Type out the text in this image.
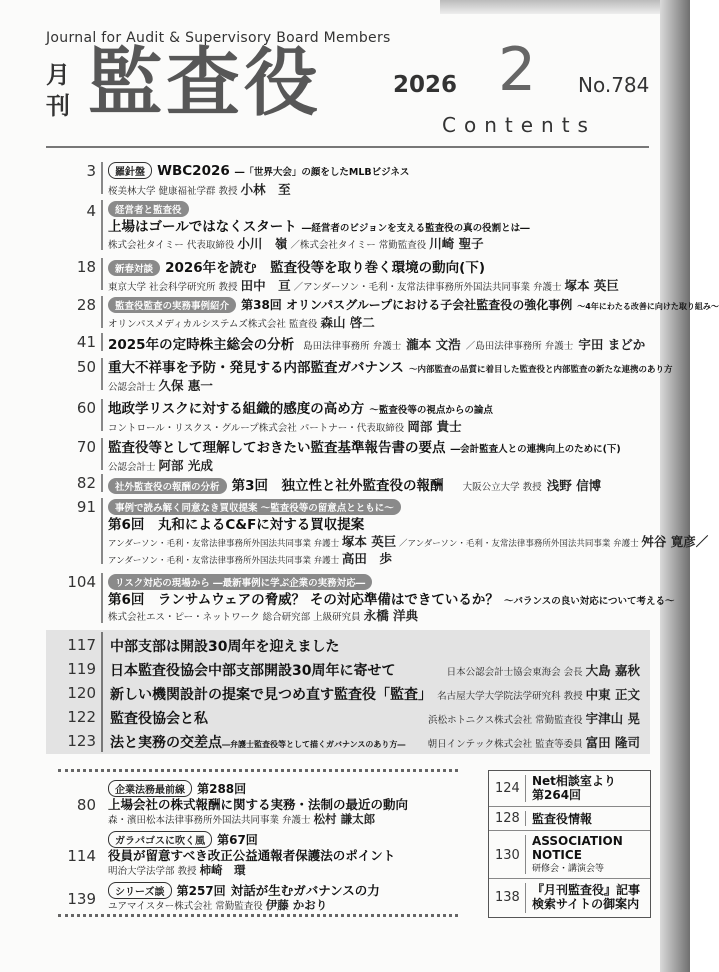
Journal for Audit & Supervisory Board Members
月
刊 監査役	2026 2 No.784
Contents
3	羅針盤 WBC2026 ―「世界大会」の顔をしたMLBビジネス
桜美林大学 健康福祉学群 教授 小林　至
4	経営者と監査役
上場はゴールではなくスタート ―経営者のビジョンを支える監査役の真の役割とは―
株式会社タイミー 代表取締役 小川　嶺 ／株式会社タイミー 常勤監査役 川崎 聖子
18	新春対談 2026年を読む　監査役等を取り巻く環境の動向(下)
東京大学 社会科学研究所 教授 田中　亘 ／アンダーソン・毛利・友常法律事務所外国法共同事業 弁護士 塚本 英巨
28	監査役監査の実務事例紹介 第38回 オリンパスグループにおける子会社監査役の強化事例 ～4年にわたる改善に向けた取り組み～
オリンパスメディカルシステムズ株式会社 監査役 森山 啓二
41 2025年の定時株主総会の分析 島田法律事務所 弁護士 瀧本 文浩 ／島田法律事務所 弁護士 宇田 まどか
50 重大不祥事を予防・発見する内部監査ガバナンス ～内部監査の品質に着目した監査役と内部監査の新たな連携のあり方
公認会計士 久保 惠一
60 地政学リスクに対する組織的感度の高め方 ～監査役等の視点からの論点
コントロール・リスクス・グループ株式会社 パートナー・代表取締役 岡部 貴士
70 監査役等として理解しておきたい監査基準報告書の要点 ―会計監査人との連携向上のために(下)
公認会計士 阿部 光成
82	社外監査役の報酬の分析 第3回　独立性と社外監査役の報酬 大阪公立大学 教授 浅野 信博
91	事例で読み解く同意なき買収提案 ～監査役等の留意点とともに～
第6回　丸和によるC&Fに対する買収提案
アンダーソン・毛利・友常法律事務所外国法共同事業 弁護士 塚本 英巨 ／アンダーソン・毛利・友常法律事務所外国法共同事業 弁護士 舛谷 寛彦／
アンダーソン・毛利・友常法律事務所外国法共同事業 弁護士 高田　歩
104	リスク対応の現場から ―最新事例に学ぶ企業の実務対応―
第6回　ランサムウェアの脅威？ その対応準備はできているか？ ～バランスの良い対応について考える～
株式会社エス・ピー・ネットワーク 総合研究部 上級研究員 永橋 洋典
117 中部支部は開設30周年を迎えました
119 日本監査役協会中部支部開設30周年に寄せて	日本公認会計士協会東海会 会長 大島 嘉秋
120 新しい機関設計の提案で見つめ直す監査役「監査」 名古屋大学大学院法学研究科 教授 中東 正文
122 監査役協会と私	浜松ホトニクス株式会社 常勤監査役 宇津山 晃
123 法と実務の交差点―弁護士監査役等として描くガバナンスのあり方― 朝日インテック株式会社 監査等委員 富田 隆司
80
企業法務最前線 第288回
上場会社の株式報酬に関する実務・法制の最近の動向
森・濱田松本法律事務所外国法共同事業 弁護士 松村 謙太郎
114
ガラパゴスに吹く風 第67回
役員が留意すべき改正公益通報者保護法のポイント
明治大学法学部 教授 柿崎　環
139	シリーズ談 第257回 対話が生むガバナンスの力
ユアマイスター株式会社 常勤監査役 伊藤 かおり
124 Net相談室より
第264回
128 監査役情報
130
ASSOCIATION
NOTICE
研修会・講演会等
138 『月刊監査役』記事
検索サイトの御案内
